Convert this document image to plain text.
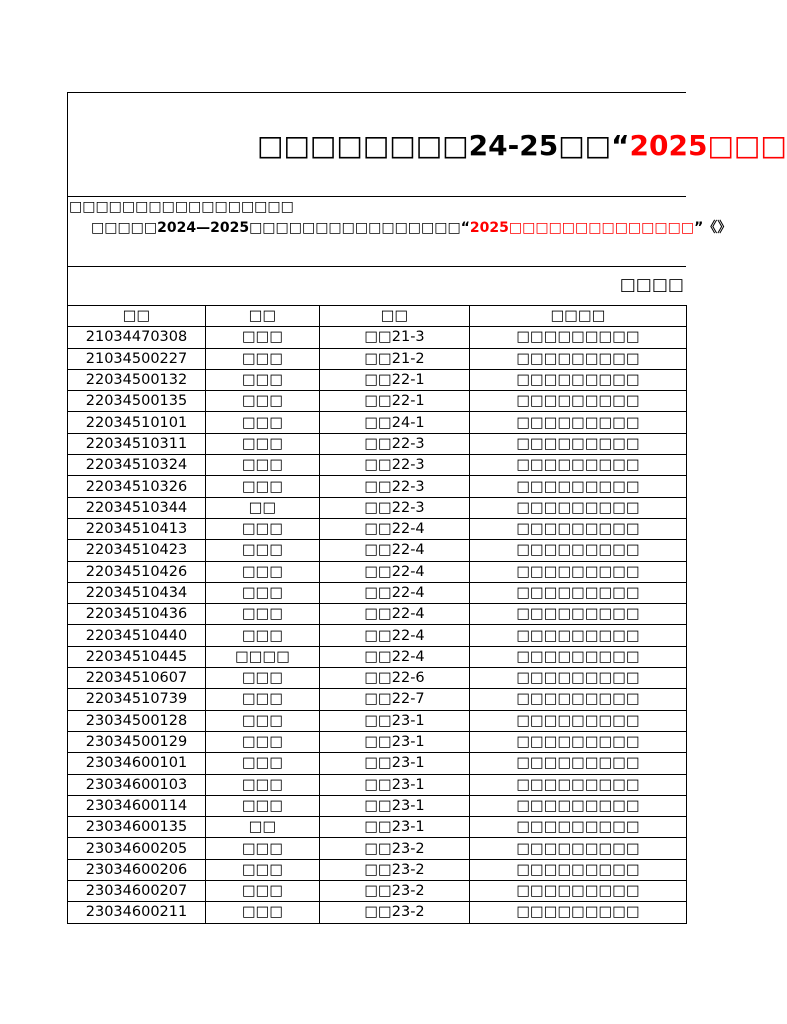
□□□□□□□□24-25□□“2025□□□
□□□□□□□□□□□□□□□□□
□□□□□2024—2025□□□□□□□□□□□□□□□□“2025□□□□□□□□□□□□□□”《》
□□□□
□□	□□	□□	□□□□
21034470308	□□□	□□21-3	□□□□□□□□□
21034500227	□□□	□□21-2	□□□□□□□□□
22034500132	□□□	□□22-1	□□□□□□□□□
22034500135	□□□	□□22-1	□□□□□□□□□
22034510101	□□□	□□24-1	□□□□□□□□□
22034510311	□□□	□□22-3	□□□□□□□□□
22034510324	□□□	□□22-3	□□□□□□□□□
22034510326	□□□	□□22-3	□□□□□□□□□
22034510344	□□	□□22-3	□□□□□□□□□
22034510413	□□□	□□22-4	□□□□□□□□□
22034510423	□□□	□□22-4	□□□□□□□□□
22034510426	□□□	□□22-4	□□□□□□□□□
22034510434	□□□	□□22-4	□□□□□□□□□
22034510436	□□□	□□22-4	□□□□□□□□□
22034510440	□□□	□□22-4	□□□□□□□□□
22034510445	□□□□	□□22-4	□□□□□□□□□
22034510607	□□□	□□22-6	□□□□□□□□□
22034510739	□□□	□□22-7	□□□□□□□□□
23034500128	□□□	□□23-1	□□□□□□□□□
23034500129	□□□	□□23-1	□□□□□□□□□
23034600101	□□□	□□23-1	□□□□□□□□□
23034600103	□□□	□□23-1	□□□□□□□□□
23034600114	□□□	□□23-1	□□□□□□□□□
23034600135	□□	□□23-1	□□□□□□□□□
23034600205	□□□	□□23-2	□□□□□□□□□
23034600206	□□□	□□23-2	□□□□□□□□□
23034600207	□□□	□□23-2	□□□□□□□□□
23034600211	□□□	□□23-2	□□□□□□□□□
